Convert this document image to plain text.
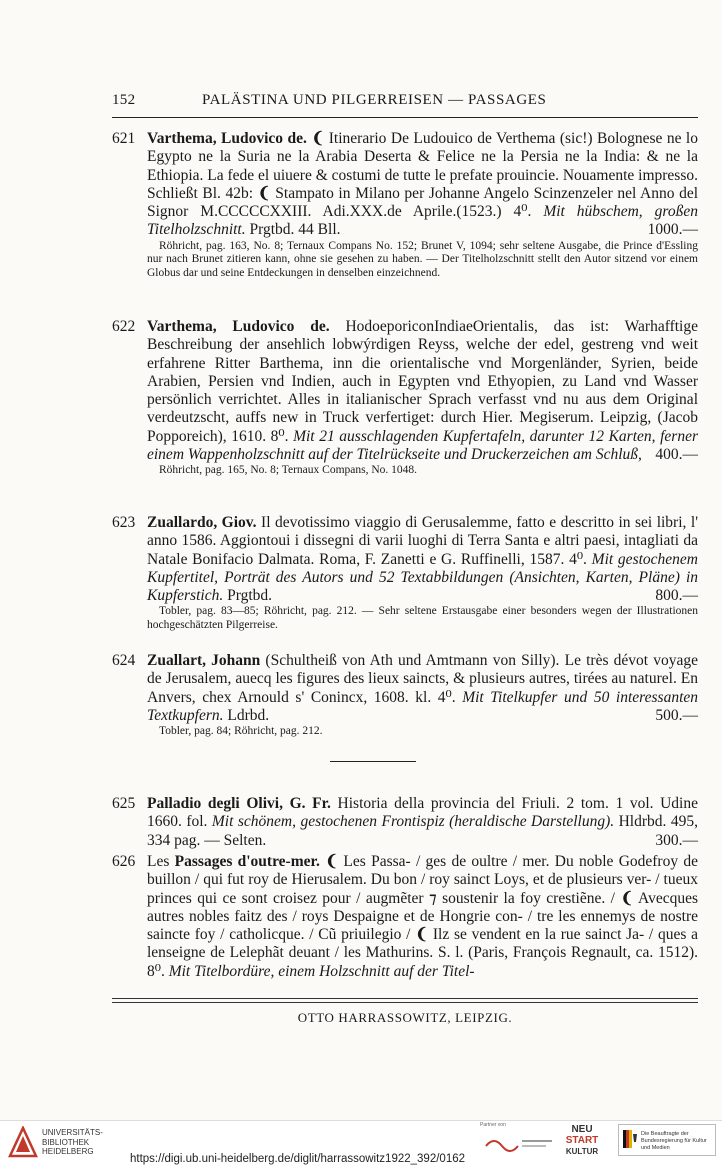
152	PALÄSTINA UND PILGERREISEN — PASSAGES
621 Varthema, Ludovico de. ❨ Itinerario De Ludouico de Verthema (sic!) Bolognese ne lo Egypto ne la Suria ne la Arabia Deserta & Felice ne la Persia ne la India: & ne la Ethiopia. La fede el uiuere & costumi de tutte le prefate prouincie. Nouamente impresso. Schließt Bl. 42b: ❨ Stampato in Milano per Johanne Angelo Scinzenzeler nel Anno del Signor M.CCCCCXXIII. Adi.XXX.de Aprile.(1523.) 4⁰. Mit hübschem, großen Titelholzschnitt. Prgtbd. 44 Bll.	1000.—

Röhricht, pag. 163, No. 8; Ternaux Compans No. 152; Brunet V, 1094; sehr seltene Ausgabe, die Prince d'Essling nur nach Brunet zitieren kann, ohne sie gesehen zu haben. — Der Titelholzschnitt stellt den Autor sitzend vor einem Globus dar und seine Entdeckungen in denselben einzeichnend.

622 Varthema, Ludovico de. HodoeporiconIndiaeOrientalis, das ist: Warhafftige Beschreibung der ansehlich lobwýrdigen Reyss, welche der edel, gestreng vnd weit erfahrene Ritter Barthema, inn die orientalische vnd Morgenländer, Syrien, beide Arabien, Persien vnd Indien, auch in Egypten vnd Ethyopien, zu Land vnd Wasser persönlich verrichtet. Alles in italianischer Sprach verfasst vnd nu aus dem Original verdeutzscht, auffs new in Truck verfertiget: durch Hier. Megiserum. Leipzig, (Jacob Popporeich), 1610. 8⁰. Mit 21 ausschlagenden Kupfertafeln, darunter 12 Karten, ferner einem Wappenholzschnitt auf der Titelrückseite und Druckerzeichen am Schluß, 400.—

Röhricht, pag. 165, No. 8; Ternaux Compans, No. 1048.

623 Zuallardo, Giov. Il devotissimo viaggio di Gerusalemme, fatto e descritto in sei libri, l' anno 1586. Aggiontoui i dissegni di varii luoghi di Terra Santa e altri paesi, intagliati da Natale Bonifacio Dalmata. Roma, F. Zanetti e G. Ruffinelli, 1587. 4⁰. Mit gestochenem Kupfertitel, Porträt des Autors und 52 Textabbildungen (Ansichten, Karten, Pläne) in Kupferstich. Prgtbd.	800.—

Tobler, pag. 83—85; Röhricht, pag. 212. — Sehr seltene Erstausgabe einer besonders wegen der Illustrationen hochgeschätzten Pilgerreise.

624 Zuallart, Johann (Schultheiß von Ath und Amtmann von Silly). Le très dévot voyage de Jerusalem, auecq les figures des lieux saincts, & plusieurs autres, tirées au naturel. En Anvers, chex Arnould s' Conincx, 1608. kl. 4⁰. Mit Titelkupfer und 50 interessanten Textkupfern. Ldrbd.	500.—

Tobler, pag. 84; Röhricht, pag. 212.

625 Palladio degli Olivi, G. Fr. Historia della provincia del Friuli. 2 tom. 1 vol. Udine 1660. fol. Mit schönem, gestochenen Frontispiz (heraldische Darstellung). Hldrbd. 495, 334 pag. — Selten.	300.—

626 Les Passages d'outre-mer. ❨ Les Passa- / ges de oultre / mer. Du noble Godefroy de buillon / qui fut roy de Hierusalem. Du bon / roy sainct Loys, et de plusieurs ver- / tueux princes qui ce sont croisez pour / augmẽter ⁊ soustenir la foy crestiẽne. / ❨ Avecques autres nobles faitz des / roys Despaigne et de Hongrie con- / tre les ennemys de nostre saincte foy / catholicque. / Cũ priuilegio / ❨ Ilz se vendent en la rue sainct Ja- / ques a lenseigne de Lelephãt deuant / les Mathurins. S. l. (Paris, François Regnault, ca. 1512). 8⁰. Mit Titelbordüre, einem Holzschnitt auf der Titel-

OTTO HARRASSOWITZ, LEIPZIG.
UNIVERSITÄTS-
BIBLIOTHEK
HEIDELBERG
https://digi.ub.uni-heidelberg.de/diglit/harrassowitz1922_392/0162
Partner von	NEU
START
KULTUR
Die Beauftragte der Bundesregierung für Kultur und Medien
